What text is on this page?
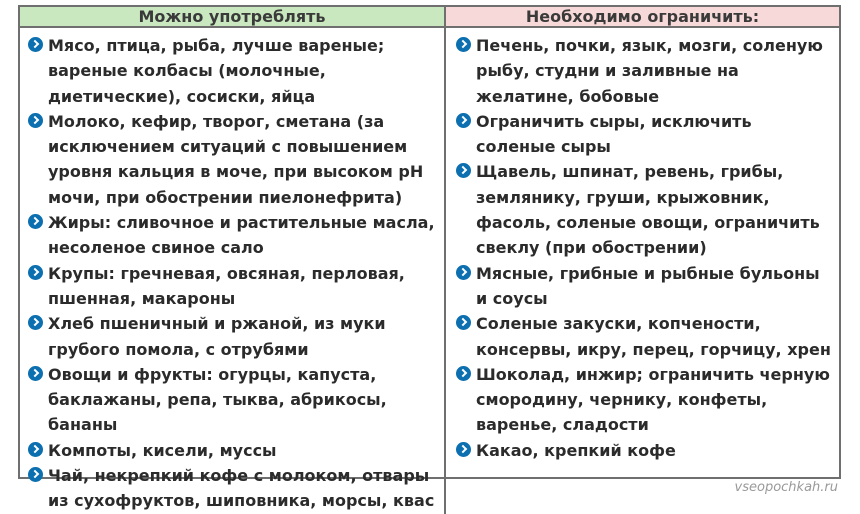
Можно употреблять	Необходимо ограничить:
Мясо, птица, рыба, лучше вареные; вареные колбасы (молочные, диетические), сосиски, яйца
Молоко, кефир, творог, сметана (за исключением ситуаций с повышением уровня кальция в моче, при высоком pH мочи, при обострении пиелонефрита)
Жиры: сливочное и растительные масла, несоленое свиное сало
Крупы: гречневая, овсяная, перловая, пшенная, макароны
Хлеб пшеничный и ржаной, из муки грубого помола, с отрубями
Овощи и фрукты: огурцы, капуста, баклажаны, репа, тыква, абрикосы, бананы
Компоты, кисели, муссы
Чай, некрепкий кофе с молоком, отвары из сухофруктов, шиповника, морсы, квас
Печень, почки, язык, мозги, соленую рыбу, студни и заливные на желатине, бобовые
Ограничить сыры, исключить соленые сыры
Щавель, шпинат, ревень, грибы, землянику, груши, крыжовник, фасоль, соленые овощи, ограничить свеклу (при обострении)
Мясные, грибные и рыбные бульоны и соусы
Соленые закуски, копчености, консервы, икру, перец, горчицу, хрен
Шоколад, инжир; ограничить черную смородину, чернику, конфеты, варенье, сладости
Какао, крепкий кофе
vseopochkah.ru
